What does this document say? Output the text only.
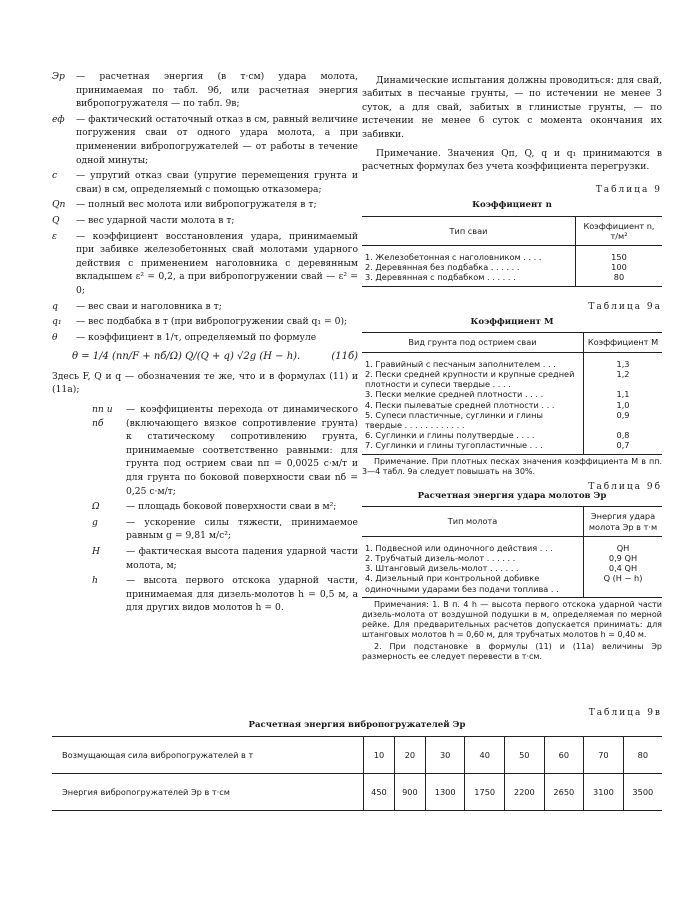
Эр	— расчетная энергия (в т·см) удара молота, принимаемая по табл. 9б, или расчетная энергия вибропогружателя — по табл. 9в;
eф	— фактический остаточный отказ в см, равный величине погружения сваи от одного удара молота, а при применении вибропогружателей — от работы в течение одной минуты;
c	— упругий отказ сваи (упругие перемещения грунта и сваи) в см, определяемый с помощью отказомера;
Qп	— полный вес молота или вибропогружателя в т;
Q	— вес ударной части молота в т;
ε	— коэффициент восстановления удара, принимаемый при забивке железобетонных свай молотами ударного действия с применением наголовника с деревянным вкладышем ε² = 0,2, а при вибропогружении свай — ε² = 0;
q	— вес сваи и наголовника в т;
q₁	— вес подбабка в т (при вибропогружении свай q₁ = 0);
θ	— коэффициент в 1/τ, определяемый по формуле
θ = 1/4 (nп/F + nб/Ω) Q/(Q + q) √2g (H − h).	(11б)
Здесь F, Q и q — обозначения те же, что и в формулах (11) и (11а);
nп и nб
— коэффициенты перехода от динамического (включающего вязкое сопротивление грунта) к статическому сопротивлению грунта, принимаемые соответственно равными: для грунта под острием сваи nп = 0,0025 с·м/т и для грунта по боковой поверхности сваи nб = 0,25 с·м/т;
Ω	— площадь боковой поверхности сваи в м²;
g	— ускорение силы тяжести, принимаемое равным g = 9,81 м/с²;
H	— фактическая высота падения ударной части молота, м;
h	— высота первого отскока ударной части, принимаемая для дизель-молотов h = 0,5 м, а для других видов молотов h = 0.

Динамические испытания должны проводиться: для свай, забитых в песчаные грунты, — по истечении не менее 3 суток, а для свай, забитых в глинистые грунты, — по истечении не менее 6 суток с момента окончания их забивки.

Примечание. Значения Qп, Q, q и q₁ принимаются в расчетных формулах без учета коэффициента перегрузки.

Таблица 9
Коэффициент n
Тип сваи	Коэффициент n, т/м²
1. Железобетонная с наголовником . . . .	150
2. Деревянная без подбабка . . . . . .	100
3. Деревянная с подбабком . . . . . .	80
Таблица 9а
Коэффициент M
Вид грунта под острием сваи	Коэффициент M
1. Гравийный с песчаным заполнителем . . .	1,3
2. Пески средней крупности и крупные средней плотности и супеси твердые . . . .	1,2
3. Пески мелкие средней плотности . . . .	1,1
4. Пески пылеватые средней плотности . . .	1,0
5. Супеси пластичные, суглинки и глины твердые . . . . . . . . . . . .	0,9
6. Суглинки и глины полутвердые . . . .	0,8
7. Суглинки и глины тугопластичные . . .	0,7
Примечание. При плотных песках значения коэффициента M в пп. 3—4 табл. 9а следует повышать на 30%.
Таблица 9б
Расчетная энергия удара молотов Эр
Тип молота	Энергия удара молота Эр в т·м
1. Подвесной или одиночного действия . . .	QH
2. Трубчатый дизель-молот . . . . . .	0,9 QH
3. Штанговый дизель-молот . . . . . .	0,4 QH
4. Дизельный при контрольной добивке одиночными ударами без подачи топлива . .	Q (H − h)
Примечания: 1. В п. 4 h — высота первого отскока ударной части дизель-молота от воздушной подушки в м, определяемая по мерной рейке. Для предварительных расчетов допускается принимать: для штанговых молотов h = 0,60 м, для трубчатых молотов h = 0,40 м.
2. При подстановке в формулы (11) и (11а) величины Эр размерность ее следует перевести в т·см.
Таблица 9в
Расчетная энергия вибропогружателей Эр
Возмущающая сила вибропогружателей в т	10	20	30	40	50	60	70	80
Энергия вибропогружателей Эр в т·см	450	900	1300	1750	2200	2650	3100	3500
